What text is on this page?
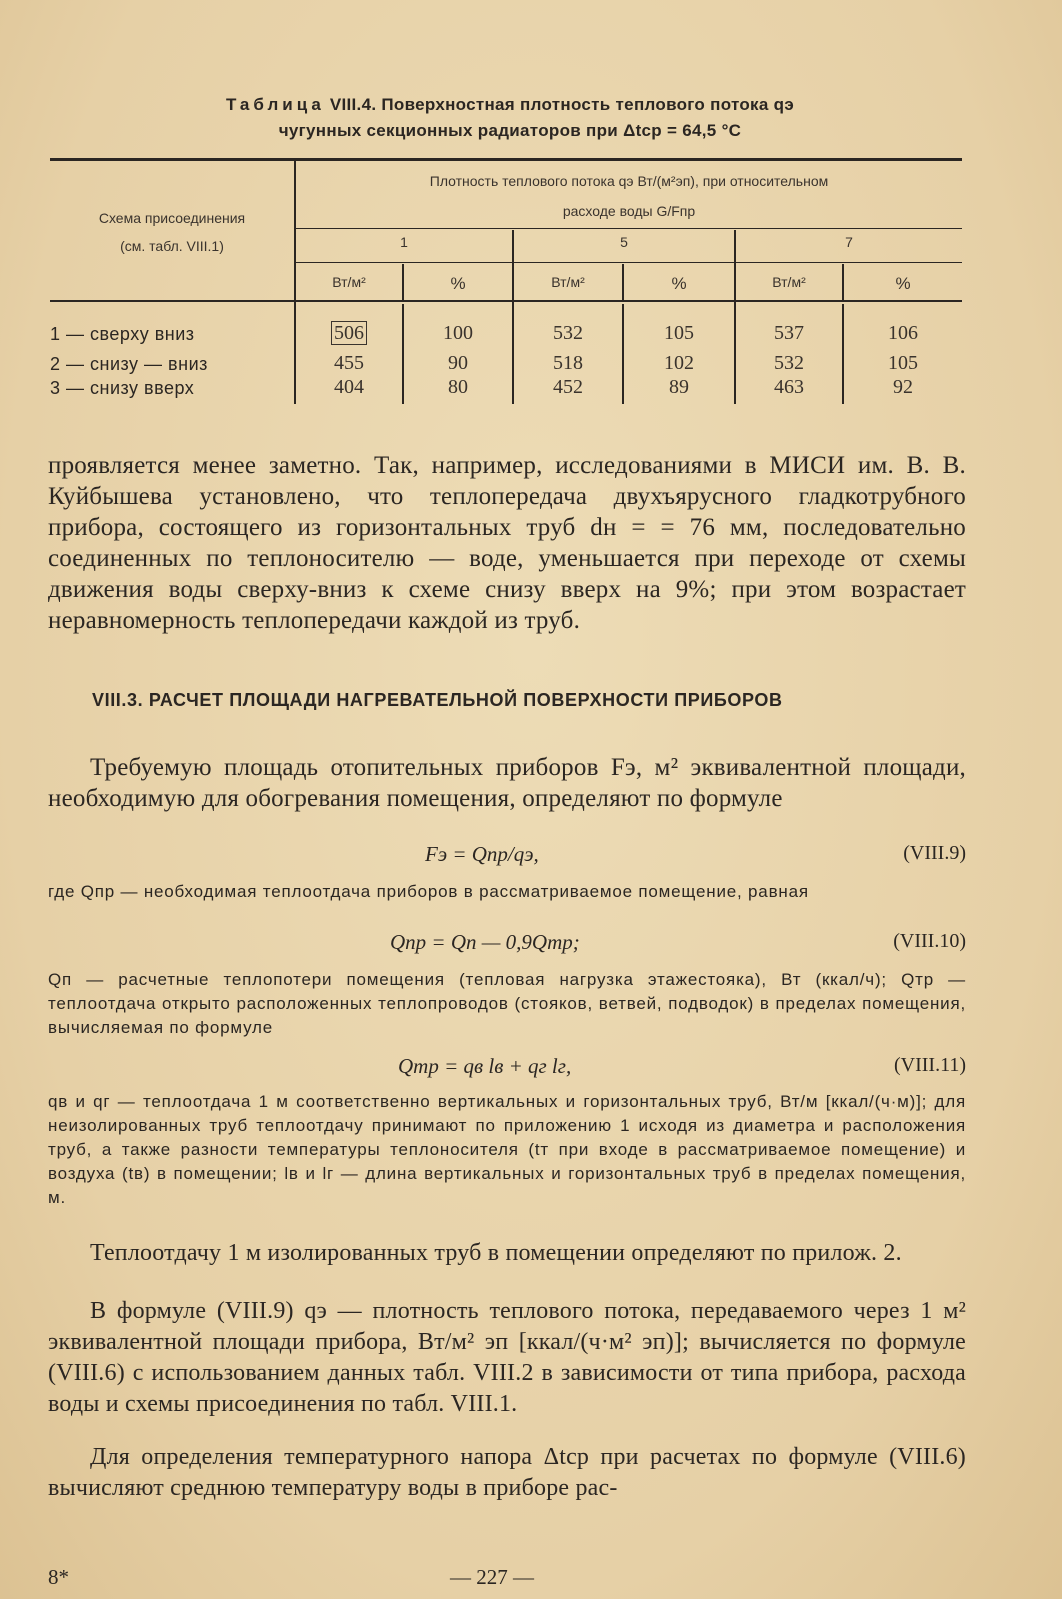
Таблица VIII.4. Поверхностная плотность теплового потока qэ
чугунных секционных радиаторов при Δtср = 64,5 °C
Схема присоединения
(см. табл. VIII.1)
Плотность теплового потока qэ Вт/(м²эп), при относительном
расходе воды G/Fпр
1	5	7
Вт/м²	%	Вт/м²	%	Вт/м²	%
1 — сверху вниз	506	100	532	105	537	106
2 — снизу — вниз	455	90	518	102	532	105
3 — снизу вверх	404	80	452	89	463	92
проявляется менее заметно. Так, например, исследованиями в МИСИ им. В. В. Куйбышева установлено, что теплопередача двухъярусного гладкотрубного прибора, состоящего из горизонтальных труб dн = = 76 мм, последовательно соединенных по теплоносителю — воде, уменьшается при переходе от схемы движения воды сверху-вниз к схеме снизу вверх на 9%; при этом возрастает неравномерность теплопередачи каждой из труб.
VIII.3. РАСЧЕТ ПЛОЩАДИ НАГРЕВАТЕЛЬНОЙ ПОВЕРХНОСТИ ПРИБОРОВ
Требуемую площадь отопительных приборов Fэ, м² эквивалентной площади, необходимую для обогревания помещения, определяют по формуле
Fэ = Qпр/qэ,	(VIII.9)
где Qпр — необходимая теплоотдача приборов в рассматриваемое помещение, равная
Qпр = Qп — 0,9Qтр;	(VIII.10)
Qп — расчетные теплопотери помещения (тепловая нагрузка этажестояка), Вт (ккал/ч); Qтр — теплоотдача открыто расположенных теплопроводов (стояков, ветвей, подводок) в пределах помещения, вычисляемая по формуле
Qтр = qв lв + qг lг,	(VIII.11)
qв и qг — теплоотдача 1 м соответственно вертикальных и горизонтальных труб, Вт/м [ккал/(ч·м)]; для неизолированных труб теплоотдачу принимают по приложению 1 исходя из диаметра и расположения труб, а также разности температуры теплоносителя (tт при входе в рассматриваемое помещение) и воздуха (tв) в помещении; lв и lг — длина вертикальных и горизонтальных труб в пределах помещения, м.
Теплоотдачу 1 м изолированных труб в помещении определяют по прилож. 2.
В формуле (VIII.9) qэ — плотность теплового потока, передаваемого через 1 м² эквивалентной площади прибора, Вт/м² эп [ккал/(ч·м² эп)]; вычисляется по формуле (VIII.6) с использованием данных табл. VIII.2 в зависимости от типа прибора, расхода воды и схемы присоединения по табл. VIII.1.
Для определения температурного напора Δtср при расчетах по формуле (VIII.6) вычисляют среднюю температуру воды в приборе рас-
8*	— 227 —
